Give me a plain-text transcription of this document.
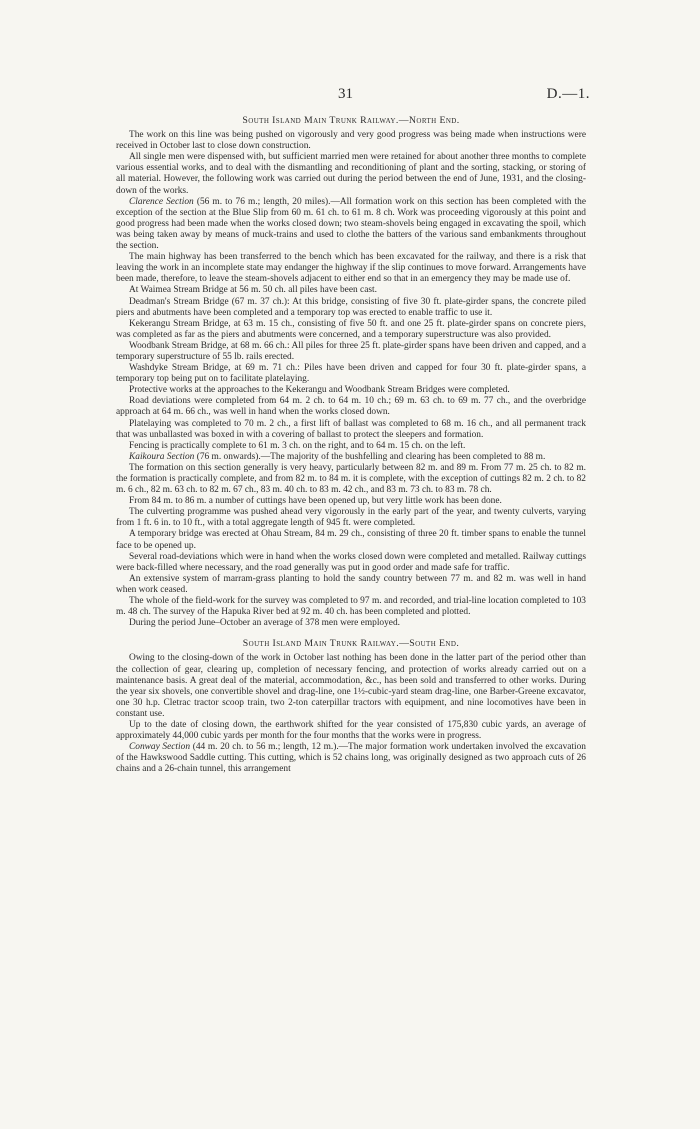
31	D.—1.

South Island Main Trunk Railway.—North End.

The work on this line was being pushed on vigorously and very good progress was being made when instructions were received in October last to close down construction.

All single men were dispensed with, but sufficient married men were retained for about another three months to complete various essential works, and to deal with the dismantling and reconditioning of plant and the sorting, stacking, or storing of all material. However, the following work was carried out during the period between the end of June, 1931, and the closing-down of the works.

Clarence Section (56 m. to 76 m.; length, 20 miles).—All formation work on this section has been completed with the exception of the section at the Blue Slip from 60 m. 61 ch. to 61 m. 8 ch. Work was proceeding vigorously at this point and good progress had been made when the works closed down; two steam-shovels being engaged in excavating the spoil, which was being taken away by means of muck-trains and used to clothe the batters of the various sand embankments throughout the section.

The main highway has been transferred to the bench which has been excavated for the railway, and there is a risk that leaving the work in an incomplete state may endanger the highway if the slip continues to move forward. Arrangements have been made, therefore, to leave the steam-shovels adjacent to either end so that in an emergency they may be made use of.

At Waimea Stream Bridge at 56 m. 50 ch. all piles have been cast.

Deadman's Stream Bridge (67 m. 37 ch.): At this bridge, consisting of five 30 ft. plate-girder spans, the concrete piled piers and abutments have been completed and a temporary top was erected to enable traffic to use it.

Kekerangu Stream Bridge, at 63 m. 15 ch., consisting of five 50 ft. and one 25 ft. plate-girder spans on concrete piers, was completed as far as the piers and abutments were concerned, and a temporary superstructure was also provided.

Woodbank Stream Bridge, at 68 m. 66 ch.: All piles for three 25 ft. plate-girder spans have been driven and capped, and a temporary superstructure of 55 lb. rails erected.

Washdyke Stream Bridge, at 69 m. 71 ch.: Piles have been driven and capped for four 30 ft. plate-girder spans, a temporary top being put on to facilitate platelaying.

Protective works at the approaches to the Kekerangu and Woodbank Stream Bridges were completed.

Road deviations were completed from 64 m. 2 ch. to 64 m. 10 ch.; 69 m. 63 ch. to 69 m. 77 ch., and the overbridge approach at 64 m. 66 ch., was well in hand when the works closed down.

Platelaying was completed to 70 m. 2 ch., a first lift of ballast was completed to 68 m. 16 ch., and all permanent track that was unballasted was boxed in with a covering of ballast to protect the sleepers and formation.

Fencing is practically complete to 61 m. 3 ch. on the right, and to 64 m. 15 ch. on the left.

Kaikoura Section (76 m. onwards).—The majority of the bushfelling and clearing has been completed to 88 m.

The formation on this section generally is very heavy, particularly between 82 m. and 89 m. From 77 m. 25 ch. to 82 m. the formation is practically complete, and from 82 m. to 84 m. it is complete, with the exception of cuttings 82 m. 2 ch. to 82 m. 6 ch., 82 m. 63 ch. to 82 m. 67 ch., 83 m. 40 ch. to 83 m. 42 ch., and 83 m. 73 ch. to 83 m. 78 ch.

From 84 m. to 86 m. a number of cuttings have been opened up, but very little work has been done.

The culverting programme was pushed ahead very vigorously in the early part of the year, and twenty culverts, varying from 1 ft. 6 in. to 10 ft., with a total aggregate length of 945 ft. were completed.

A temporary bridge was erected at Ohau Stream, 84 m. 29 ch., consisting of three 20 ft. timber spans to enable the tunnel face to be opened up.

Several road-deviations which were in hand when the works closed down were completed and metalled. Railway cuttings were back-filled where necessary, and the road generally was put in good order and made safe for traffic.

An extensive system of marram-grass planting to hold the sandy country between 77 m. and 82 m. was well in hand when work ceased.

The whole of the field-work for the survey was completed to 97 m. and recorded, and trial-line location completed to 103 m. 48 ch. The survey of the Hapuka River bed at 92 m. 40 ch. has been completed and plotted.

During the period June–October an average of 378 men were employed.

South Island Main Trunk Railway.—South End.

Owing to the closing-down of the work in October last nothing has been done in the latter part of the period other than the collection of gear, clearing up, completion of necessary fencing, and protection of works already carried out on a maintenance basis. A great deal of the material, accommodation, &c., has been sold and transferred to other works. During the year six shovels, one convertible shovel and drag-line, one 1½-cubic-yard steam drag-line, one Barber-Greene excavator, one 30 h.p. Cletrac tractor scoop train, two 2-ton caterpillar tractors with equipment, and nine locomotives have been in constant use.

Up to the date of closing down, the earthwork shifted for the year consisted of 175,830 cubic yards, an average of approximately 44,000 cubic yards per month for the four months that the works were in progress.

Conway Section (44 m. 20 ch. to 56 m.; length, 12 m.).—The major formation work undertaken involved the excavation of the Hawkswood Saddle cutting. This cutting, which is 52 chains long, was originally designed as two approach cuts of 26 chains and a 26-chain tunnel, this arrangement
